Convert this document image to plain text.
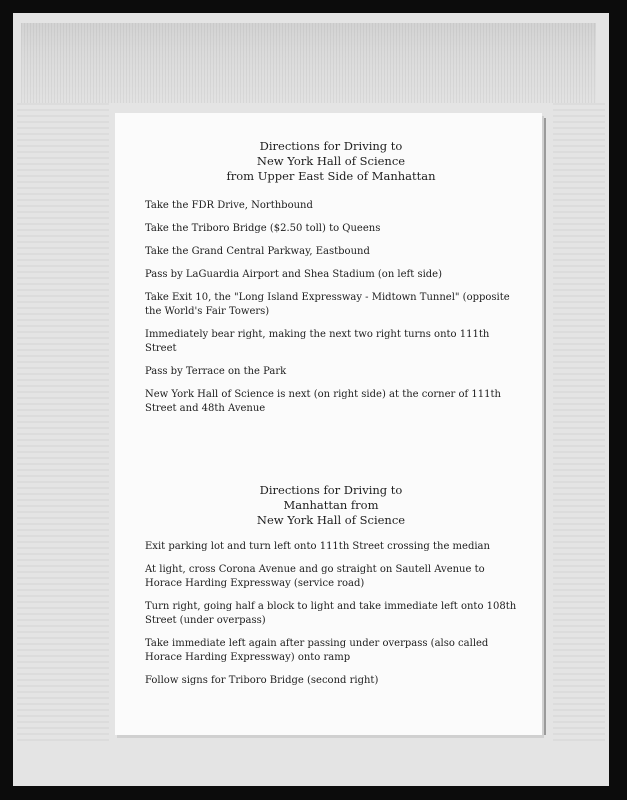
Directions for Driving to
New York Hall of Science
from Upper East Side of Manhattan

Take the FDR Drive, Northbound

Take the Triboro Bridge ($2.50 toll) to Queens

Take the Grand Central Parkway, Eastbound

Pass by LaGuardia Airport and Shea Stadium (on left side)

Take Exit 10, the "Long Island Expressway - Midtown Tunnel" (opposite the World's Fair Towers)

Immediately bear right, making the next two right turns onto 111th Street

Pass by Terrace on the Park

New York Hall of Science is next (on right side) at the corner of 111th Street and 48th Avenue

Directions for Driving to
Manhattan from
New York Hall of Science

Exit parking lot and turn left onto 111th Street crossing the median

At light, cross Corona Avenue and go straight on Sautell Avenue to Horace Harding Expressway (service road)

Turn right, going half a block to light and take immediate left onto 108th Street (under overpass)

Take immediate left again after passing under overpass (also called Horace Harding Expressway) onto ramp

Follow signs for Triboro Bridge (second right)
